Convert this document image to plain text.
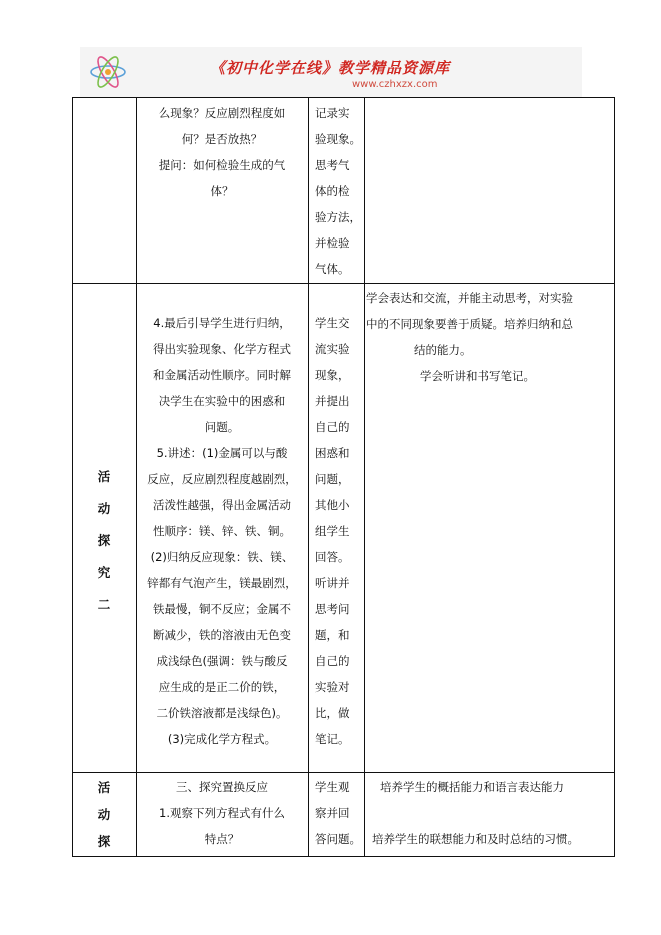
《初中化学在线》教学精品资源库
www.czhxzx.com
么现象？反应剧烈程度如
何？是否放热？
提问：如何检验生成的气
体？
记录实
验现象。
思考气
体的检
验方法，
并检验
气体。
活
动
探
究
二
4.最后引导学生进行归纳，
得出实验现象、化学方程式
和金属活动性顺序。同时解
决学生在实验中的困惑和
问题。
5.讲述：(1)金属可以与酸
反应，反应剧烈程度越剧烈，
活泼性越强，得出金属活动
性顺序：镁、锌、铁、铜。
(2)归纳反应现象：铁、镁、
锌都有气泡产生，镁最剧烈，
铁最慢，铜不反应；金属不
断减少，铁的溶液由无色变
成浅绿色(强调：铁与酸反
应生成的是正二价的铁，
二价铁溶液都是浅绿色)。
(3)完成化学方程式。
学生交
流实验
现象，
并提出
自己的
困惑和
问题，
其他小
组学生
回答。
听讲并
思考问
题，和
自己的
实验对
比，做
笔记。
学会表达和交流，并能主动思考，对实验
中的不同现象要善于质疑。培养归纳和总
结的能力。
学会听讲和书写笔记。
活
动
探
三、探究置换反应
1.观察下列方程式有什么
特点？
学生观
察并回
答问题。
培养学生的概括能力和语言表达能力
培养学生的联想能力和及时总结的习惯。
